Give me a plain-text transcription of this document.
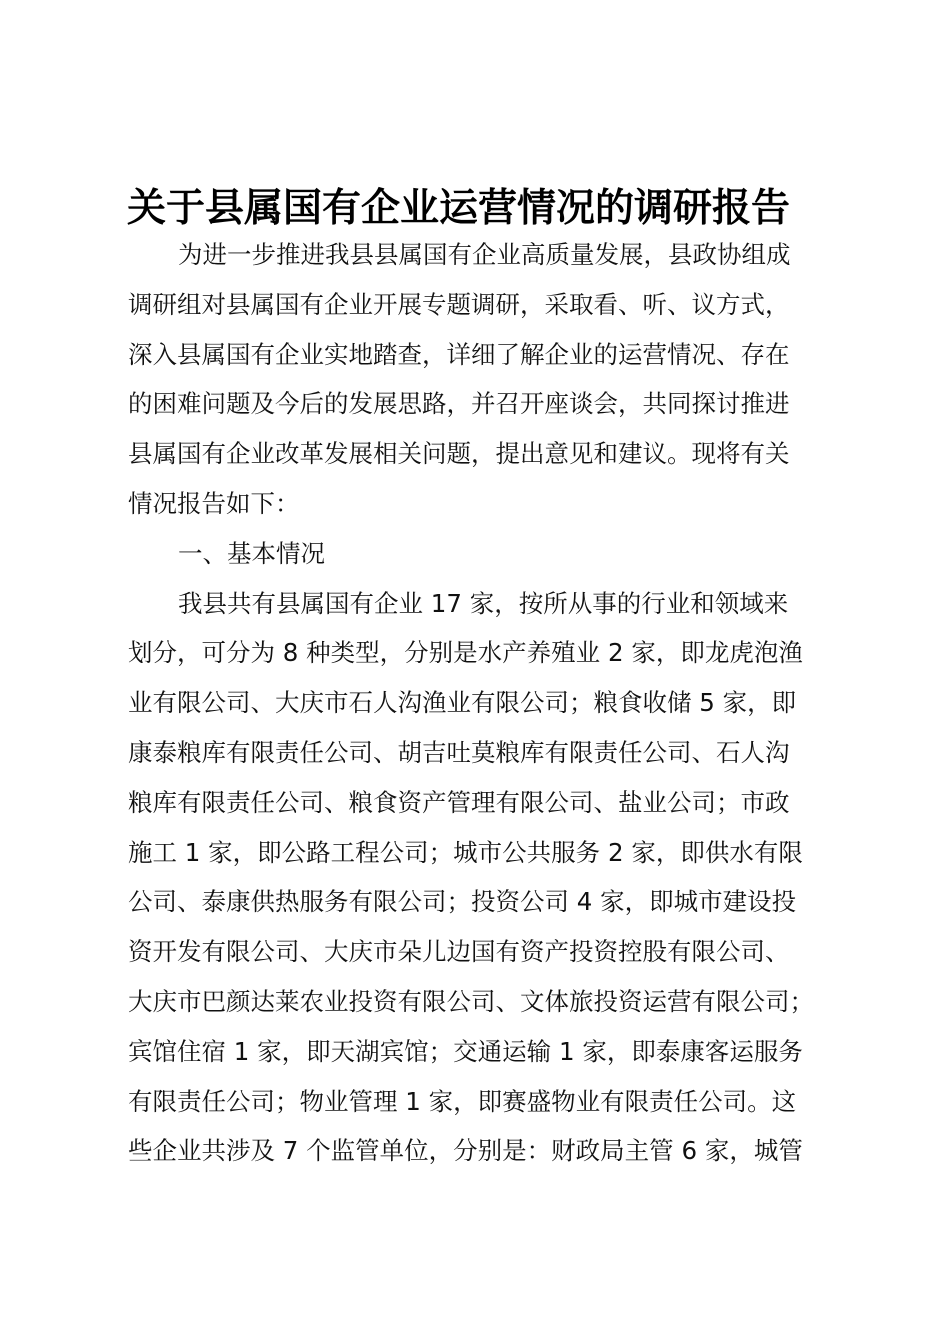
关于县属国有企业运营情况的调研报告
为进一步推进我县县属国有企业高质量发展，县政协组成
调研组对县属国有企业开展专题调研，采取看、听、议方式，
深入县属国有企业实地踏查，详细了解企业的运营情况、存在
的困难问题及今后的发展思路，并召开座谈会，共同探讨推进
县属国有企业改革发展相关问题，提出意见和建议。现将有关
情况报告如下：
一、基本情况
我县共有县属国有企业 17 家，按所从事的行业和领域来
划分，可分为 8 种类型，分别是水产养殖业 2 家，即龙虎泡渔
业有限公司、大庆市石人沟渔业有限公司；粮食收储 5 家，即
康泰粮库有限责任公司、胡吉吐莫粮库有限责任公司、石人沟
粮库有限责任公司、粮食资产管理有限公司、盐业公司；市政
施工 1 家，即公路工程公司；城市公共服务 2 家，即供水有限
公司、泰康供热服务有限公司；投资公司 4 家，即城市建设投
资开发有限公司、大庆市朵儿边国有资产投资控股有限公司、
大庆市巴颜达莱农业投资有限公司、文体旅投资运营有限公司；
宾馆住宿 1 家，即天湖宾馆；交通运输 1 家，即泰康客运服务
有限责任公司；物业管理 1 家，即赛盛物业有限责任公司。这
些企业共涉及 7 个监管单位，分别是：财政局主管 6 家，城管
